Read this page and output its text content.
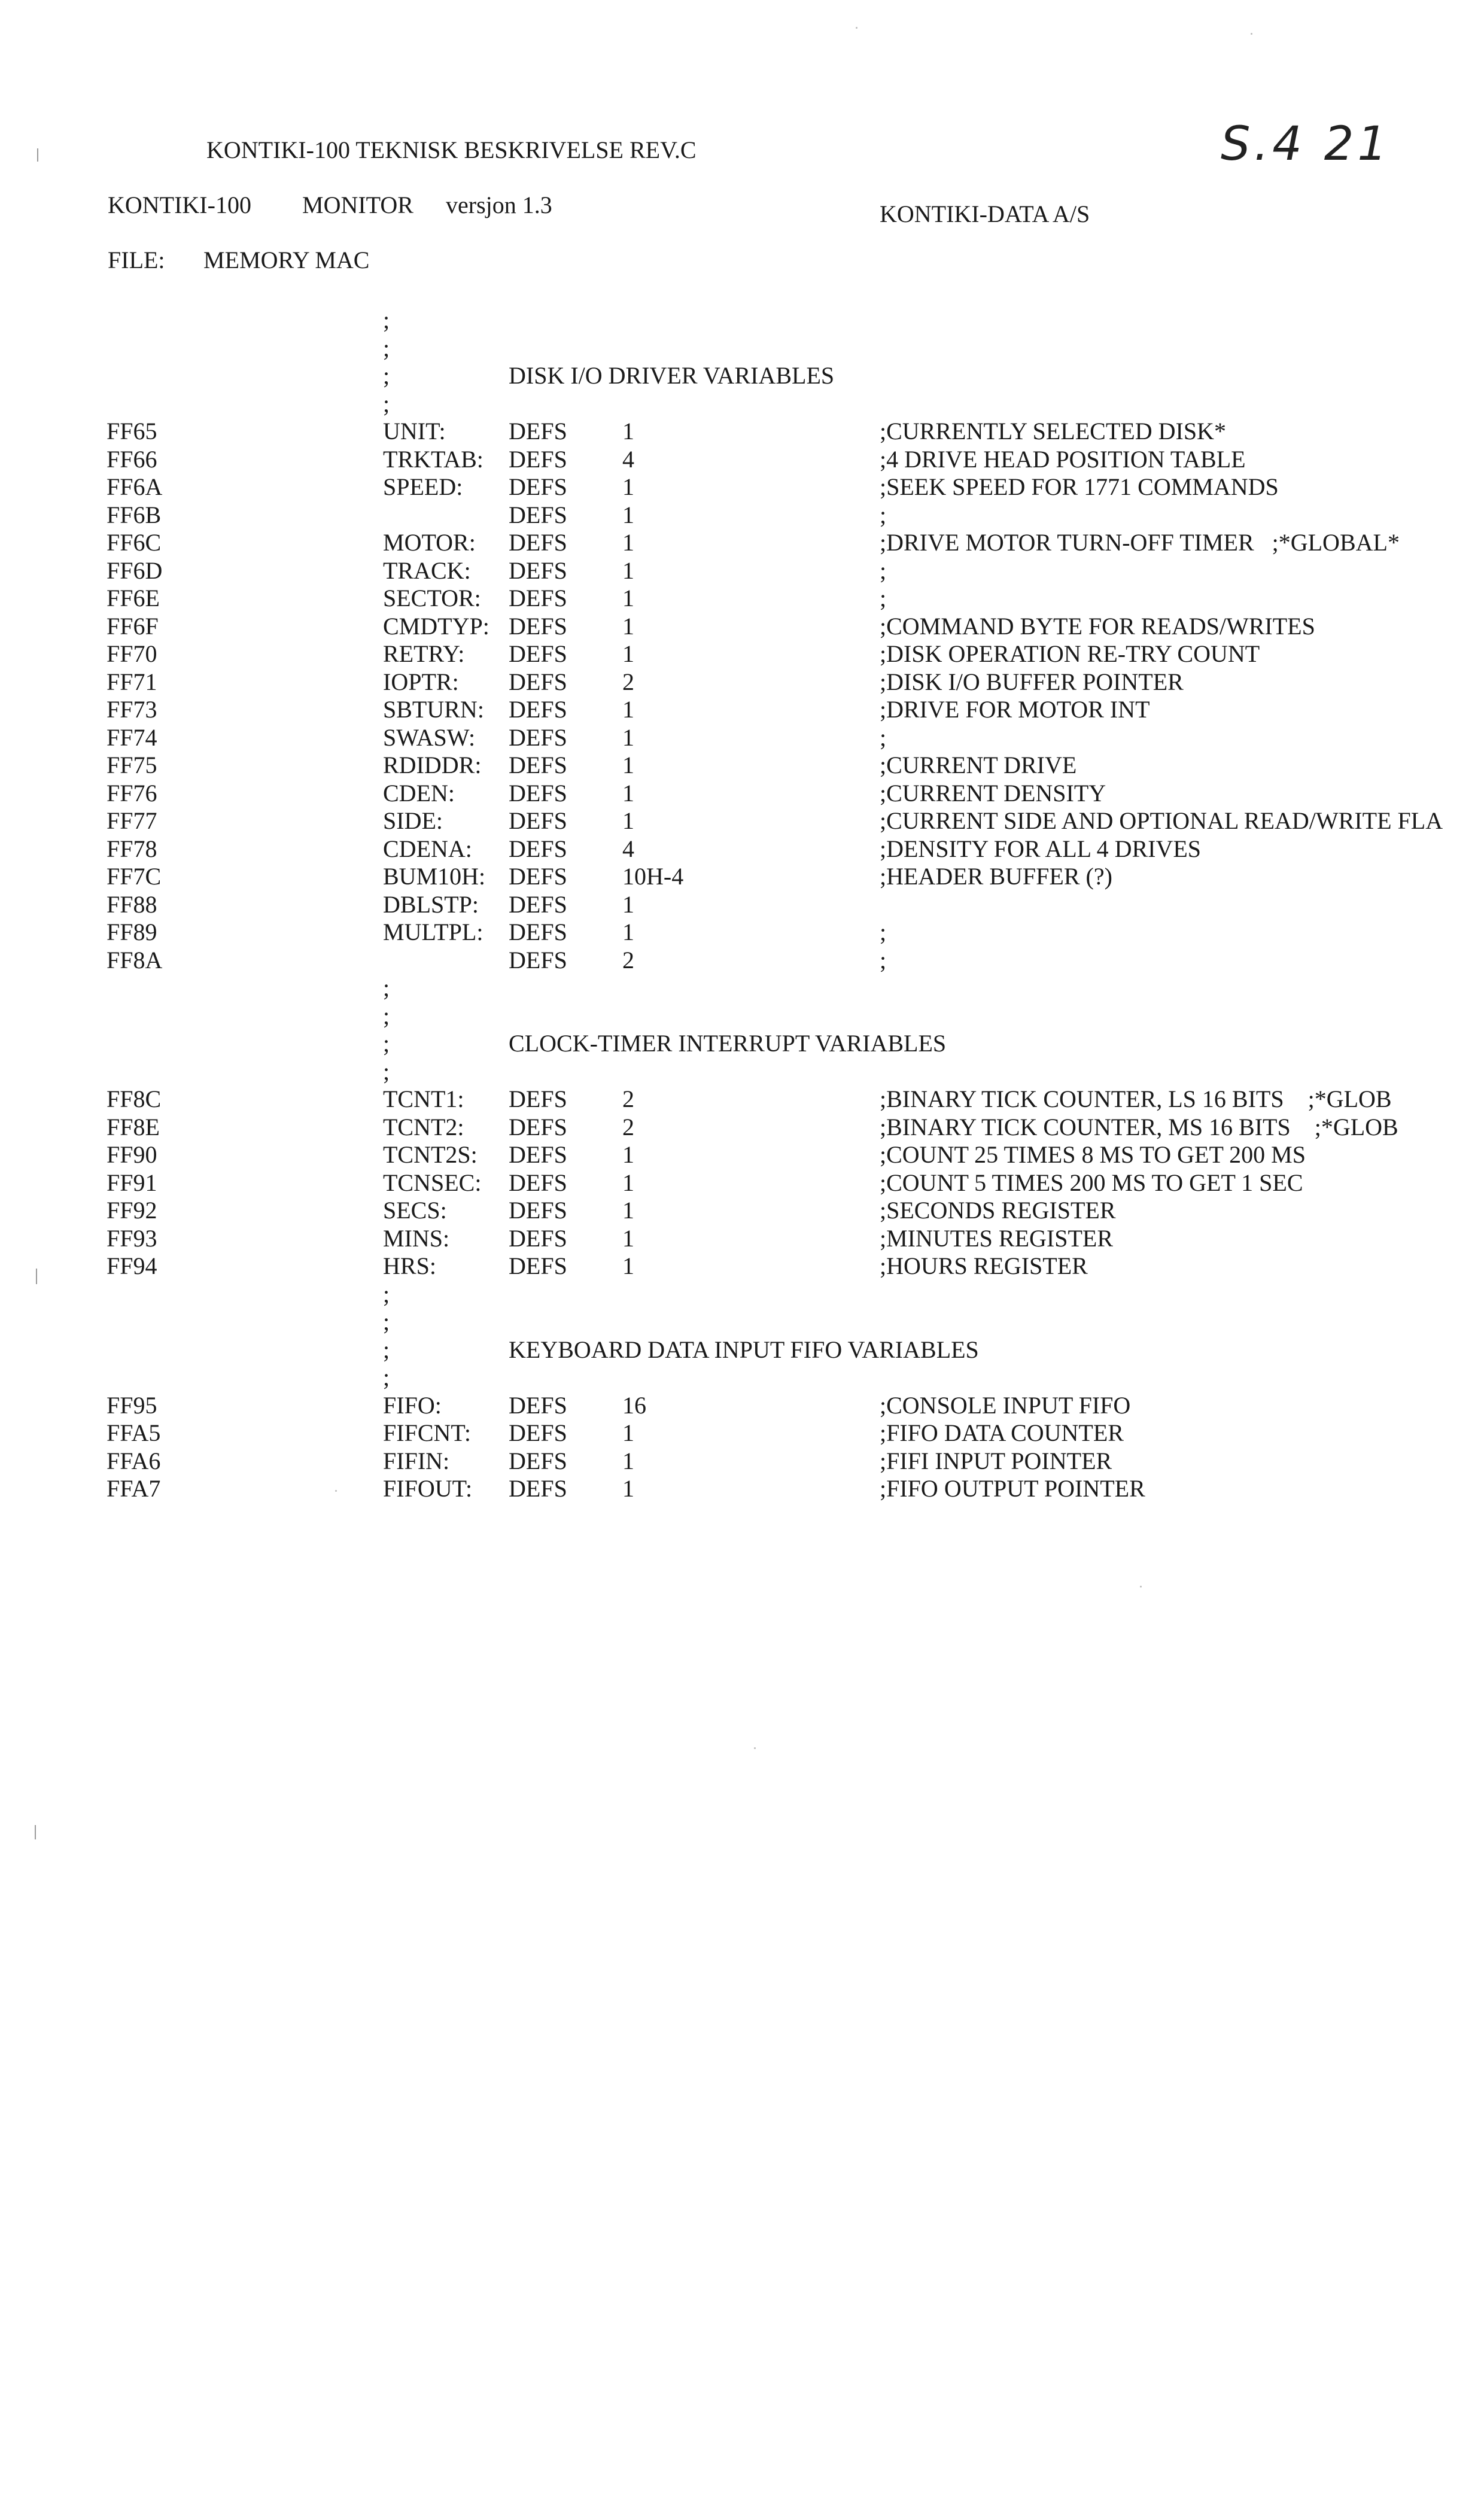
KONTIKI-100 TEKNISK BESKRIVELSE REV.C	S.4 21
KONTIKI-100 MONITOR versjon 1.3	KONTIKI-DATA A/S
FILE: MEMORY MAC
;
;
;	DISK I/O DRIVER VARIABLES
;
FF65	UNIT:	DEFS 1	;CURRENTLY SELECTED DISK*
FF66	TRKTAB: DEFS 4	;4 DRIVE HEAD POSITION TABLE
FF6A	SPEED: DEFS 1	;SEEK SPEED FOR 1771 COMMANDS
FF6B	DEFS 1	;
FF6C	MOTOR: DEFS 1	;DRIVE MOTOR TURN-OFF TIMER   ;*GLOBAL*
FF6D	TRACK: DEFS 1	;
FF6E	SECTOR: DEFS 1	;
FF6F	CMDTYP: DEFS 1	;COMMAND BYTE FOR READS/WRITES
FF70	RETRY: DEFS 1	;DISK OPERATION RE-TRY COUNT
FF71	IOPTR: DEFS 2	;DISK I/O BUFFER POINTER
FF73	SBTURN: DEFS 1	;DRIVE FOR MOTOR INT
FF74	SWASW: DEFS 1	;
FF75	RDIDDR: DEFS 1	;CURRENT DRIVE
FF76	CDEN: DEFS 1	;CURRENT DENSITY
FF77	SIDE:	DEFS 1	;CURRENT SIDE AND OPTIONAL READ/WRITE FLA
FF78	CDENA: DEFS 4	;DENSITY FOR ALL 4 DRIVES
FF7C	BUM10H: DEFS 10H-4	;HEADER BUFFER (?)
FF88	DBLSTP: DEFS 1
FF89	MULTPL: DEFS 1	;
FF8A	DEFS 2	;
;
;
;	CLOCK-TIMER INTERRUPT VARIABLES
;
FF8C	TCNT1: DEFS 2	;BINARY TICK COUNTER, LS 16 BITS    ;*GLOB
FF8E	TCNT2: DEFS 2	;BINARY TICK COUNTER, MS 16 BITS    ;*GLOB
FF90	TCNT2S: DEFS 1	;COUNT 25 TIMES 8 MS TO GET 200 MS
FF91	TCNSEC: DEFS 1	;COUNT 5 TIMES 200 MS TO GET 1 SEC
FF92	SECS:	DEFS 1	;SECONDS REGISTER
FF93	MINS: DEFS 1	;MINUTES REGISTER
FF94	HRS:	DEFS 1	;HOURS REGISTER
;
;
;	KEYBOARD DATA INPUT FIFO VARIABLES
;
FF95	FIFO:	DEFS 16	;CONSOLE INPUT FIFO
FFA5	FIFCNT: DEFS 1	;FIFO DATA COUNTER
FFA6	FIFIN: DEFS 1	;FIFI INPUT POINTER
FFA7	FIFOUT: DEFS 1	;FIFO OUTPUT POINTER
